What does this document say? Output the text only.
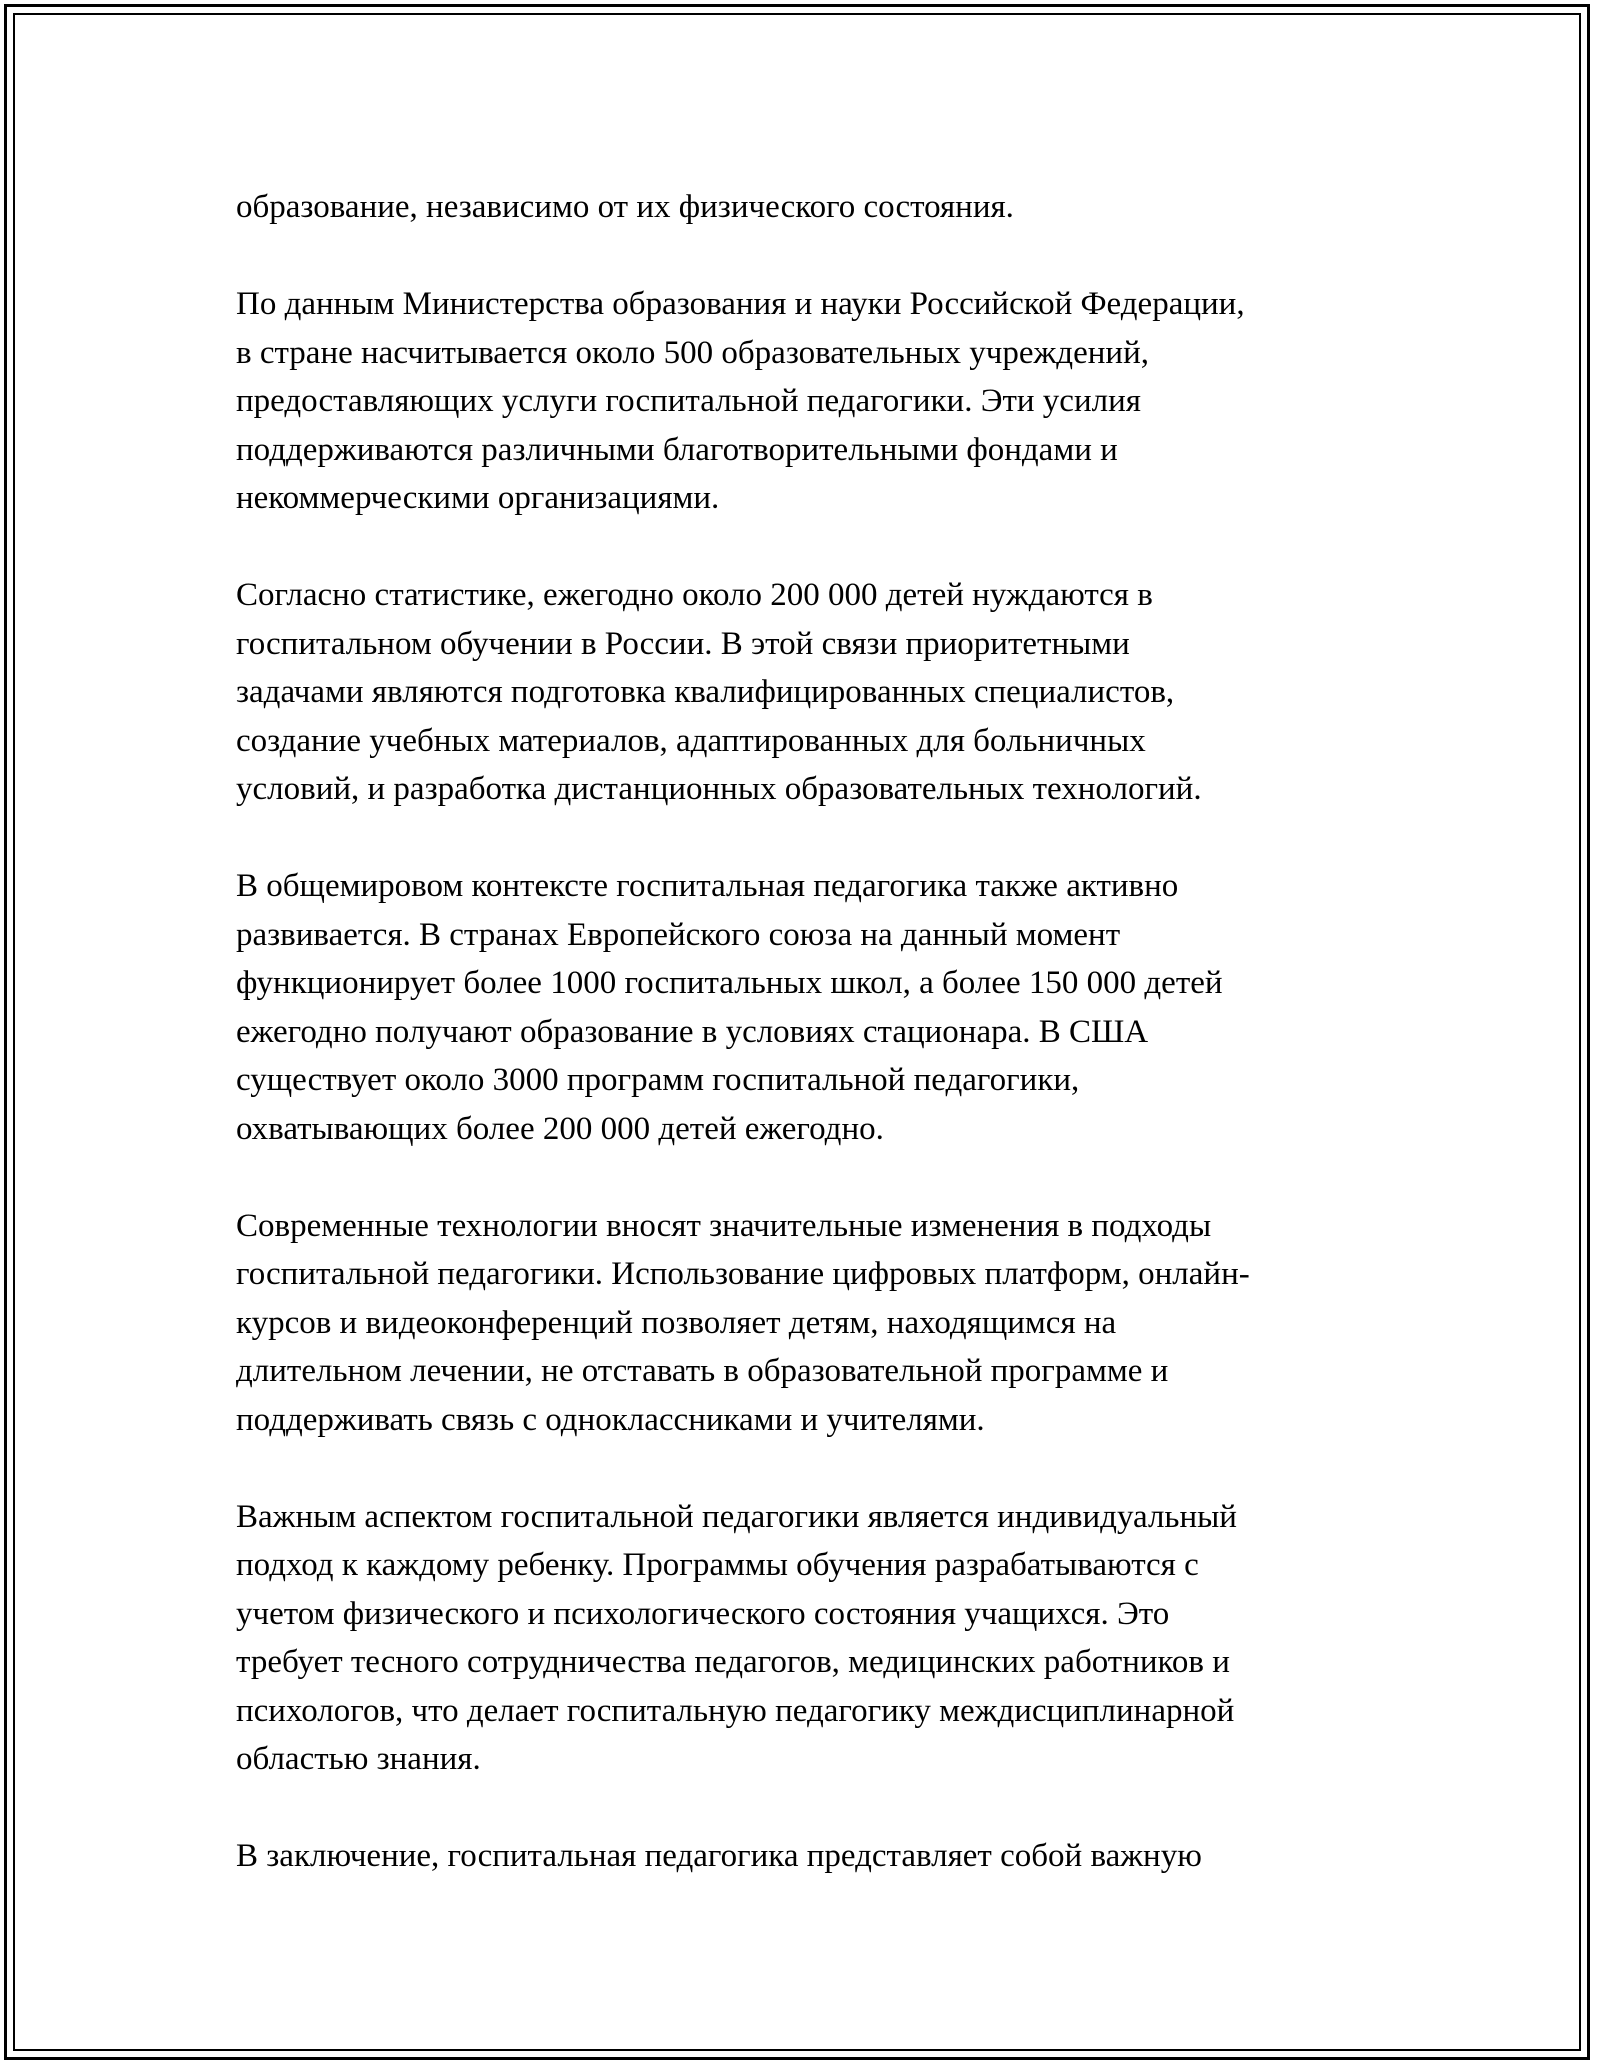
образование, независимо от их физического состояния.

По данным Министерства образования и науки Российской Федерации,
в стране насчитывается около 500 образовательных учреждений,
предоставляющих услуги госпитальной педагогики. Эти усилия
поддерживаются различными благотворительными фондами и
некоммерческими организациями.

Согласно статистике, ежегодно около 200 000 детей нуждаются в
госпитальном обучении в России. В этой связи приоритетными
задачами являются подготовка квалифицированных специалистов,
создание учебных материалов, адаптированных для больничных
условий, и разработка дистанционных образовательных технологий.

В общемировом контексте госпитальная педагогика также активно
развивается. В странах Европейского союза на данный момент
функционирует более 1000 госпитальных школ, а более 150 000 детей
ежегодно получают образование в условиях стационара. В США
существует около 3000 программ госпитальной педагогики,
охватывающих более 200 000 детей ежегодно.

Современные технологии вносят значительные изменения в подходы
госпитальной педагогики. Использование цифровых платформ, онлайн-
курсов и видеоконференций позволяет детям, находящимся на
длительном лечении, не отставать в образовательной программе и
поддерживать связь с одноклассниками и учителями.

Важным аспектом госпитальной педагогики является индивидуальный
подход к каждому ребенку. Программы обучения разрабатываются с
учетом физического и психологического состояния учащихся. Это
требует тесного сотрудничества педагогов, медицинских работников и
психологов, что делает госпитальную педагогику междисциплинарной
областью знания.

В заключение, госпитальная педагогика представляет собой важную
